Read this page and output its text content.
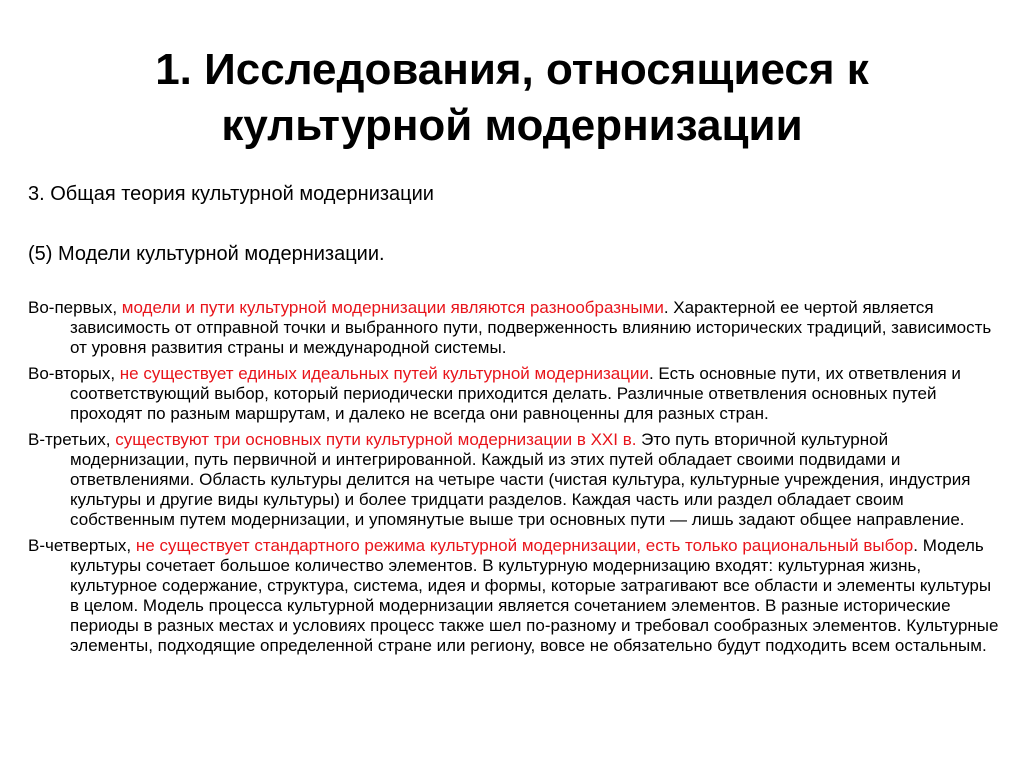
1. Исследования, относящиеся к
культурной модернизации

3. Общая теория культурной модернизации

(5) Модели культурной модернизации.

Во-первых, модели и пути культурной модернизации являются разнообразными. Характерной ее чертой является зависимость от отправной точки и выбранного пути, подверженность влиянию исторических традиций, зависимость от уровня развития страны и международной системы.

Во-вторых, не существует единых идеальных путей культурной модернизации. Есть основные пути, их ответвления и соответствующий выбор, который периодически приходится делать. Различные ответвления основных путей проходят по разным маршрутам, и далеко не всегда они равноценны для разных стран.

В-третьих, существуют три основных пути культурной модернизации в XXI в. Это путь вторичной культурной модернизации, путь первичной и интегрированной. Каждый из этих путей обладает своими подвидами и ответвлениями. Область культуры делится на четыре части (чистая культура, культурные учреждения, индустрия культуры и другие виды культуры) и более тридцати разделов. Каждая часть или раздел обладает своим собственным путем модернизации, и упомянутые выше три основных пути — лишь задают общее направление.

В-четвертых, не существует стандартного режима культурной модернизации, есть только рациональный выбор. Модель культуры сочетает большое количество элементов. В культурную модернизацию входят: культурная жизнь, культурное содержание, структура, система, идея и формы, которые затрагивают все области и элементы культуры в целом. Модель процесса культурной модернизации является сочетанием элементов. В разные исторические периоды в разных местах и условиях процесс также шел по-разному и требовал сообразных элементов. Культурные элементы, подходящие определенной стране или региону, вовсе не обязательно будут подходить всем остальным.
